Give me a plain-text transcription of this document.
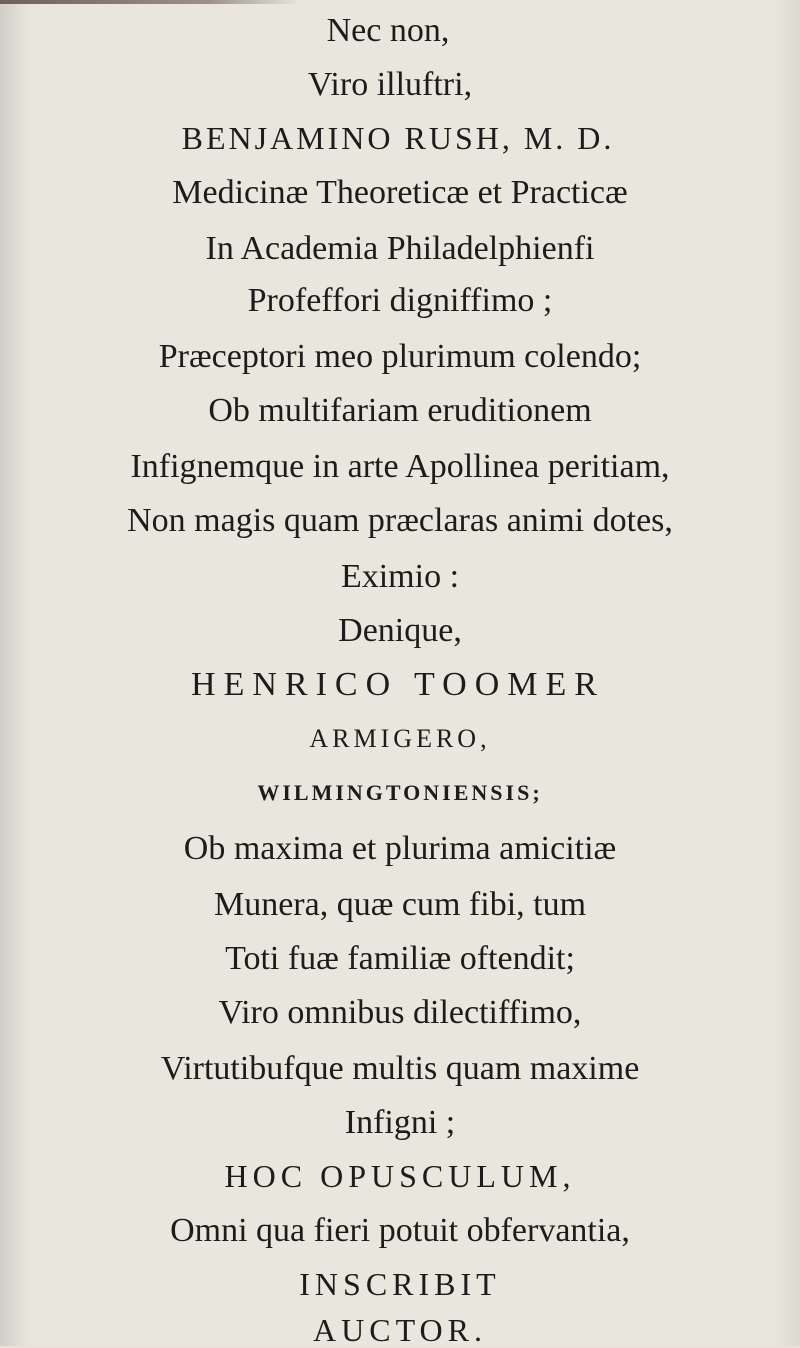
Nec non,
Viro illuftri,
BENJAMINO RUSH, M. D.
Medicinæ Theoreticæ et Practicæ
In Academia Philadelphienfi
Profeffori digniffimo ;
Præceptori meo plurimum colendo;
Ob multifariam eruditionem
Infignemque in arte Apollinea peritiam,
Non magis quam præclaras animi dotes,
Eximio :
Denique,
HENRICO TOOMER
ARMIGERO,
WILMINGTONIENSIS;
Ob maxima et plurima amicitiæ
Munera, quæ cum fibi, tum
Toti fuæ familiæ oftendit;
Viro omnibus dilectiffimo,
Virtutibufque multis quam maxime
Infigni ;
HOC OPUSCULUM,
Omni qua fieri potuit obfervantia,
INSCRIBIT
AUCTOR.
